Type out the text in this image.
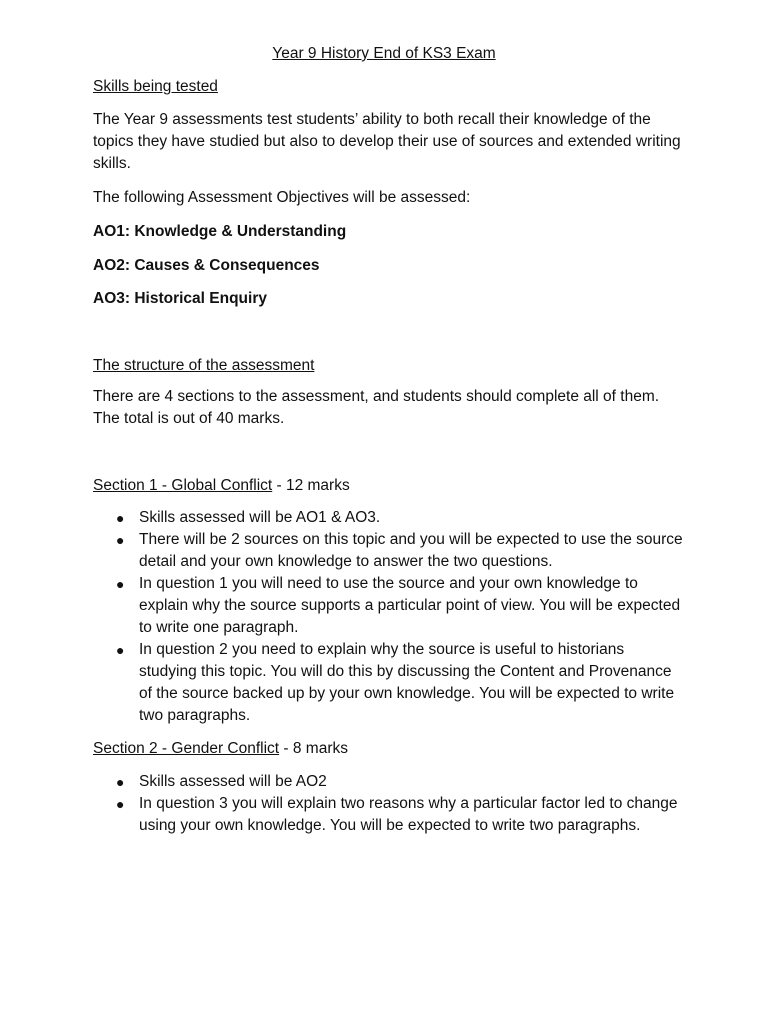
Year 9 History End of KS3 Exam

Skills being tested

The Year 9 assessments test students’ ability to both recall their knowledge of the topics they have studied but also to develop their use of sources and extended writing skills.

The following Assessment Objectives will be assessed:

AO1: Knowledge & Understanding

AO2: Causes & Consequences

AO3: Historical Enquiry

The structure of the assessment

There are 4 sections to the assessment, and students should complete all of them. The total is out of 40 marks.

Section 1 - Global Conflict - 12 marks

● Skills assessed will be AO1 & AO3.
● There will be 2 sources on this topic and you will be expected to use the source detail and your own knowledge to answer the two questions.
● In question 1 you will need to use the source and your own knowledge to explain why the source supports a particular point of view. You will be expected to write one paragraph.
● In question 2 you need to explain why the source is useful to historians studying this topic. You will do this by discussing the Content and Provenance of the source backed up by your own knowledge. You will be expected to write two paragraphs.

Section 2 - Gender Conflict - 8 marks

● Skills assessed will be AO2
● In question 3 you will explain two reasons why a particular factor led to change using your own knowledge. You will be expected to write two paragraphs.
